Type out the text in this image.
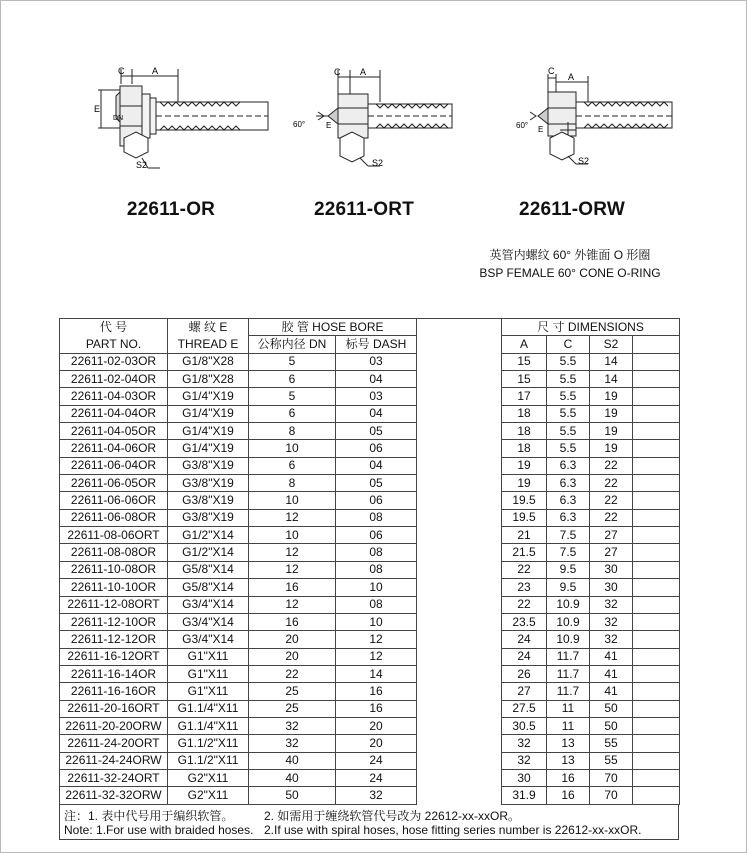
C	A
E
DN
S2
C A
60°	E
S2
C
A
60° E
S2
22611-OR	22611-ORT	22611-ORW
英管内螺纹 60° 外锥面 O 形圈
BSP FEMALE 60° CONE O-RING
代 号	螺 纹 E	胶 管 HOSE BORE			尺 寸 DIMENSIONS			
PART NO.	THREAD E	公称内径 DN	标号 DASH		A	C	S2	
22611-02-03OR	G1/8"X28	5	03		15	5.5	14	
22611-02-04OR	G1/8"X28	6	04		15	5.5	14	
22611-04-03OR	G1/4"X19	5	03		17	5.5	19	
22611-04-04OR	G1/4"X19	6	04		18	5.5	19	
22611-04-05OR	G1/4"X19	8	05		18	5.5	19	
22611-04-06OR	G1/4"X19	10	06		18	5.5	19	
22611-06-04OR	G3/8"X19	6	04		19	6.3	22	
22611-06-05OR	G3/8"X19	8	05		19	6.3	22	
22611-06-06OR	G3/8"X19	10	06		19.5	6.3	22	
22611-06-08OR	G3/8"X19	12	08		19.5	6.3	22	
22611-08-06ORT	G1/2"X14	10	06		21	7.5	27	
22611-08-08OR	G1/2"X14	12	08		21.5	7.5	27	
22611-10-08OR	G5/8"X14	12	08		22	9.5	30	
22611-10-10OR	G5/8"X14	16	10		23	9.5	30	
22611-12-08ORT	G3/4"X14	12	08		22	10.9	32	
22611-12-10OR	G3/4"X14	16	10		23.5	10.9	32	
22611-12-12OR	G3/4"X14	20	12		24	10.9	32	
22611-16-12ORT	G1"X11	20	12		24	11.7	41	
22611-16-14OR	G1"X11	22	14		26	11.7	41	
22611-16-16OR	G1"X11	25	16		27	11.7	41	
22611-20-16ORT	G1.1/4"X11	25	16		27.5	11	50	
22611-20-20ORW	G1.1/4"X11	32	20		30.5	11	50	
22611-24-20ORT	G1.1/2"X11	32	20		32	13	55	
22611-24-24ORW	G1.1/2"X11	40	24		32	13	55	
22611-32-24ORT	G2"X11	40	24		30	16	70	
22611-32-32ORW	G2"X11	50	32		31.9	16	70	
注：1. 表中代号用于编织软管。	2. 如需用于缠绕软管代号改为 22612-xx-xxOR。
Note: 1.For use with braided hoses. 2.If use with spiral hoses, hose fitting series number is 22612-xx-xxOR.
